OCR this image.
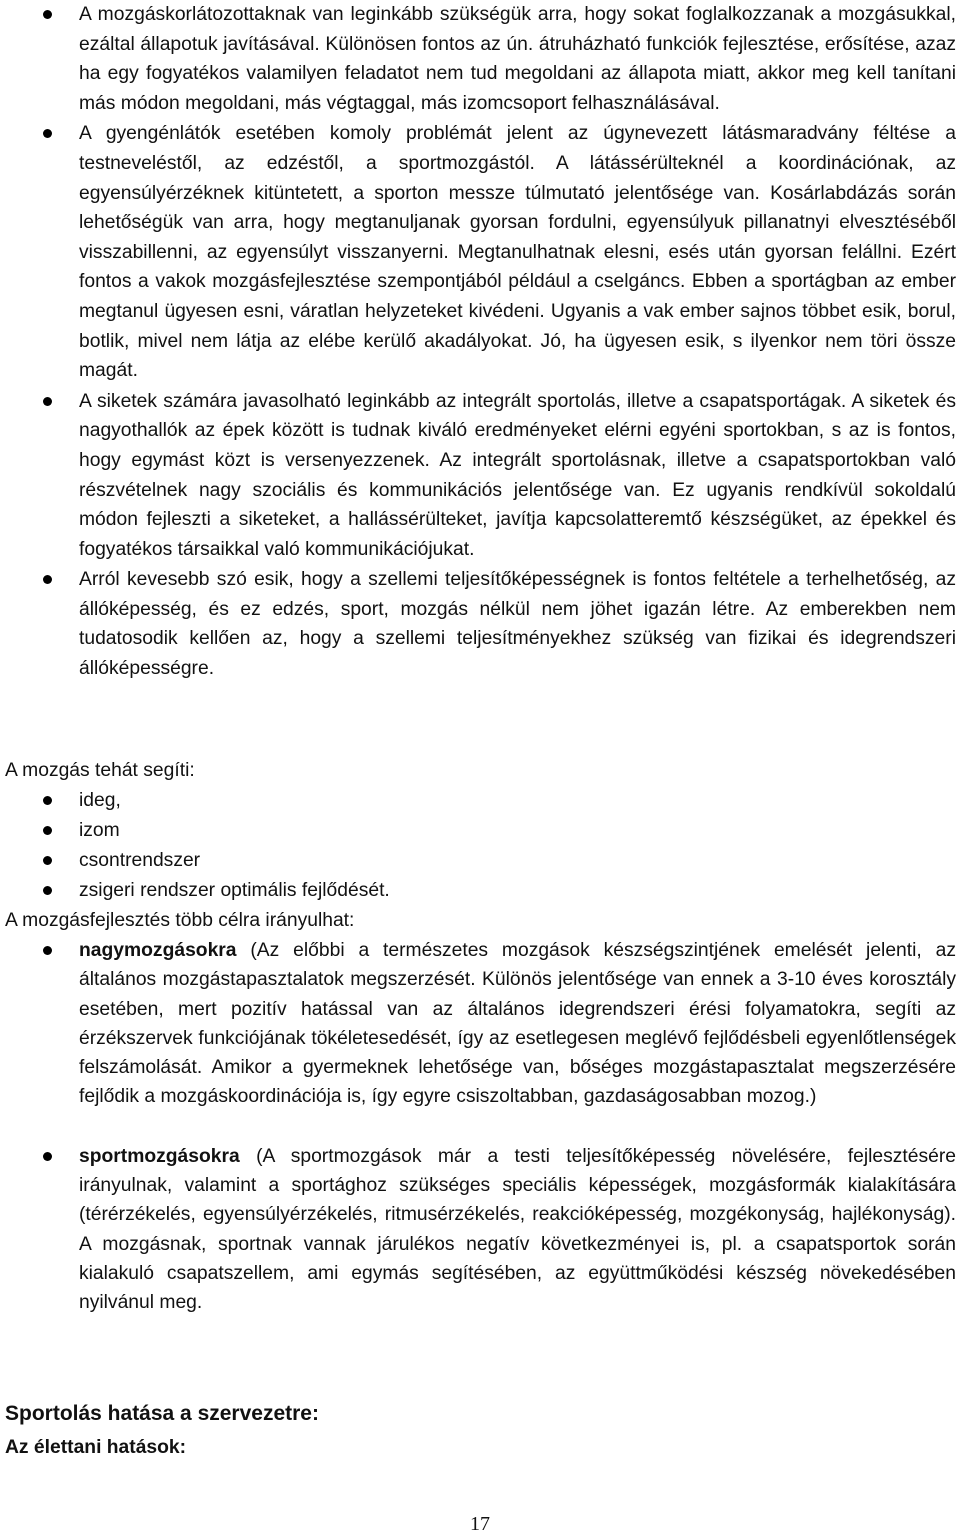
A mozgáskorlátozottaknak van leginkább szükségük arra, hogy sokat foglalkozzanak a mozgásukkal, ezáltal állapotuk javításával. Különösen fontos az ún. átruházható funkciók fejlesztése, erősítése, azaz ha egy fogyatékos valamilyen feladatot nem tud megoldani az állapota miatt, akkor meg kell tanítani más módon megoldani, más végtaggal, más izomcsoport felhasználásával.
A gyengénlátók esetében komoly problémát jelent az úgynevezett látásmaradvány féltése a testneveléstől, az edzéstől, a sportmozgástól. A látássérülteknél a koordinációnak, az egyensúlyérzéknek kitüntetett, a sporton messze túlmutató jelentősége van. Kosárlabdázás során lehetőségük van arra, hogy megtanuljanak gyorsan fordulni, egyensúlyuk pillanatnyi elvesztéséből visszabillenni, az egyensúlyt visszanyerni. Megtanulhatnak elesni, esés után gyorsan felállni. Ezért fontos a vakok mozgásfejlesztése szempontjából például a cselgáncs. Ebben a sportágban az ember megtanul ügyesen esni, váratlan helyzeteket kivédeni. Ugyanis a vak ember sajnos többet esik, borul, botlik, mivel nem látja az elébe kerülő akadályokat. Jó, ha ügyesen esik, s ilyenkor nem töri össze magát.
A siketek számára javasolható leginkább az integrált sportolás, illetve a csapatsportágak. A siketek és nagyothallók az épek között is tudnak kiváló eredményeket elérni egyéni sportokban, s az is fontos, hogy egymást közt is versenyezzenek. Az integrált sportolásnak, illetve a csapatsportokban való részvételnek nagy szociális és kommunikációs jelentősége van. Ez ugyanis rendkívül sokoldalú módon fejleszti a siketeket, a hallássérülteket, javítja kapcsolatteremtő készségüket, az épekkel és fogyatékos társaikkal való kommunikációjukat.
Arról kevesebb szó esik, hogy a szellemi teljesítőképességnek is fontos feltétele a terhelhetőség, az állóképesség, és ez edzés, sport, mozgás nélkül nem jöhet igazán létre. Az emberekben nem tudatosodik kellően az, hogy a szellemi teljesítményekhez szükség van fizikai és idegrendszeri állóképességre.
A mozgás tehát segíti:
ideg,
izom
csontrendszer
zsigeri rendszer optimális fejlődését.
A mozgásfejlesztés több célra irányulhat:
nagymozgásokra (Az előbbi a természetes mozgások készségszintjének emelését jelenti, az általános mozgástapasztalatok megszerzését. Különös jelentősége van ennek a 3-10 éves korosztály esetében, mert pozitív hatással van az általános idegrendszeri érési folyamatokra, segíti az érzékszervek funkciójának tökéletesedését, így az esetlegesen meglévő fejlődésbeli egyenlőtlenségek felszámolását. Amikor a gyermeknek lehetősége van, bőséges mozgástapasztalat megszerzésére fejlődik a mozgáskoordinációja is, így egyre csiszoltabban, gazdaságosabban mozog.)
sportmozgásokra (A sportmozgások már a testi teljesítőképesség növelésére, fejlesztésére irányulnak, valamint a sportághoz szükséges speciális képességek, mozgásformák kialakítására (térérzékelés, egyensúlyérzékelés, ritmusérzékelés, reakcióképesség, mozgékonyság, hajlékonyság). A mozgásnak, sportnak vannak járulékos negatív következményei is, pl. a csapatsportok során kialakuló csapatszellem, ami egymás segítésében, az együttműködési készség növekedésében nyilvánul meg.
Sportolás hatása a szervezetre:
Az élettani hatások:
17
